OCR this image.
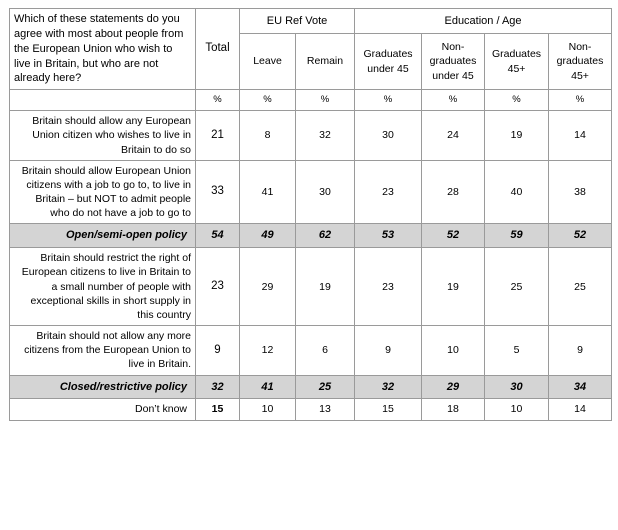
Which of these statements do you agree with most about people from the European Union who wish to live in Britain, but who are not already here?	Total	EU Ref Vote		Education / Age			
		Leave	Remain	Graduates under 45	Non-graduates under 45	Graduates 45+	Non-graduates 45+
	%	%	%	%	%	%	%
Britain should allow any European Union citizen who wishes to live in Britain to do so	21	8	32	30	24	19	14
Britain should allow European Union citizens with a job to go to, to live in Britain – but NOT to admit people who do not have a job to go to	33	41	30	23	28	40	38
Open/semi-open policy	54	49	62	53	52	59	52
Britain should restrict the right of European citizens to live in Britain to a small number of people with exceptional skills in short supply in this country	23	29	19	23	19	25	25
Britain should not allow any more citizens from the European Union to live in Britain.	9	12	6	9	10	5	9
Closed/restrictive policy	32	41	25	32	29	30	34
Don’t know	15	10	13	15	18	10	14
